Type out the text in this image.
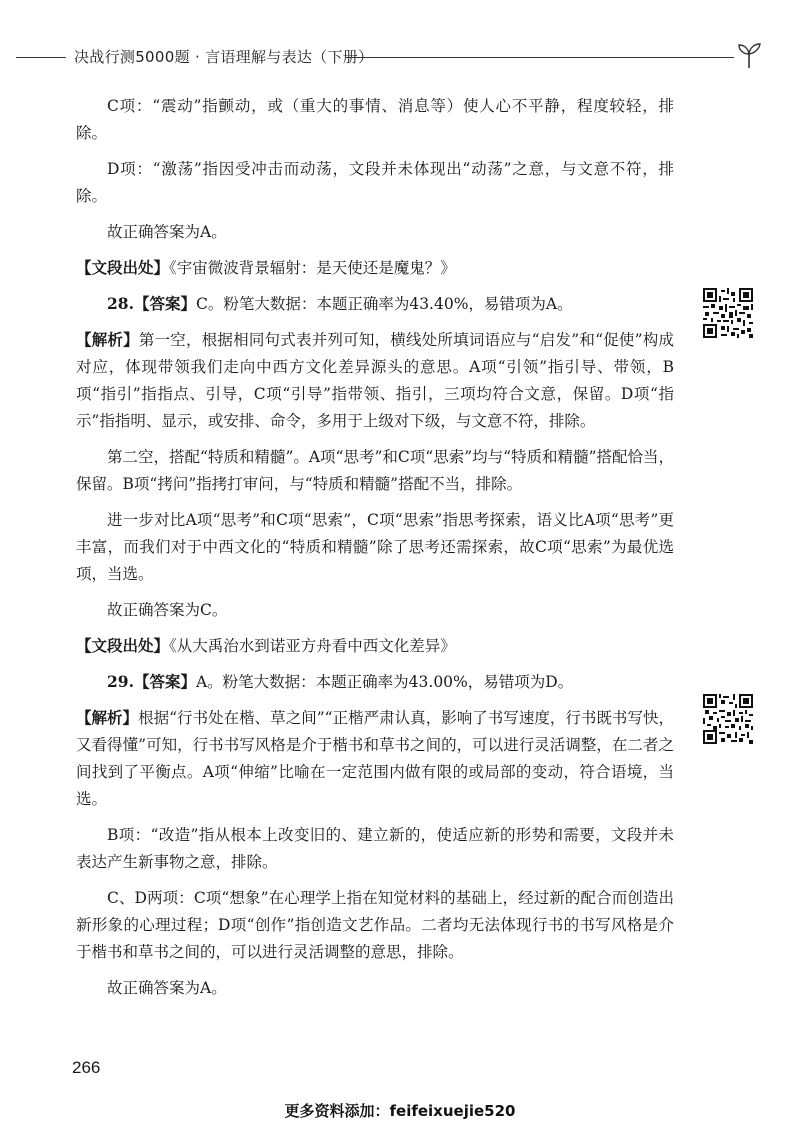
决战行测5000题 · 言语理解与表达（下册）

C项：“震动”指颤动，或（重大的事情、消息等）使人心不平静，程度较轻，排除。

D项：“激荡”指因受冲击而动荡，文段并未体现出“动荡”之意，与文意不符，排除。

故正确答案为A。

【文段出处】《宇宙微波背景辐射：是天使还是魔鬼？》

28.【答案】C。粉笔大数据：本题正确率为43.40%，易错项为A。

【解析】第一空，根据相同句式表并列可知，横线处所填词语应与“启发”和“促使”构成对应，体现带领我们走向中西方文化差异源头的意思。A项“引领”指引导、带领，B项“指引”指指点、引导，C项“引导”指带领、指引，三项均符合文意，保留。D项“指示”指指明、显示，或安排、命令，多用于上级对下级，与文意不符，排除。

第二空，搭配“特质和精髓”。A项“思考”和C项“思索”均与“特质和精髓”搭配恰当，保留。B项“拷问”指拷打审问，与“特质和精髓”搭配不当，排除。

进一步对比A项“思考”和C项“思索”，C项“思索”指思考探索，语义比A项“思考”更丰富，而我们对于中西文化的“特质和精髓”除了思考还需探索，故C项“思索”为最优选项，当选。

故正确答案为C。

【文段出处】《从大禹治水到诺亚方舟看中西文化差异》

29.【答案】A。粉笔大数据：本题正确率为43.00%，易错项为D。

【解析】根据“行书处在楷、草之间”“正楷严肃认真，影响了书写速度，行书既书写快，又看得懂”可知，行书书写风格是介于楷书和草书之间的，可以进行灵活调整，在二者之间找到了平衡点。A项“伸缩”比喻在一定范围内做有限的或局部的变动，符合语境，当选。

B项：“改造”指从根本上改变旧的、建立新的，使适应新的形势和需要，文段并未表达产生新事物之意，排除。

C、D两项：C项“想象”在心理学上指在知觉材料的基础上，经过新的配合而创造出新形象的心理过程；D项“创作”指创造文艺作品。二者均无法体现行书的书写风格是介于楷书和草书之间的，可以进行灵活调整的意思，排除。

故正确答案为A。

266
更多资料添加：feifeixuejie520
